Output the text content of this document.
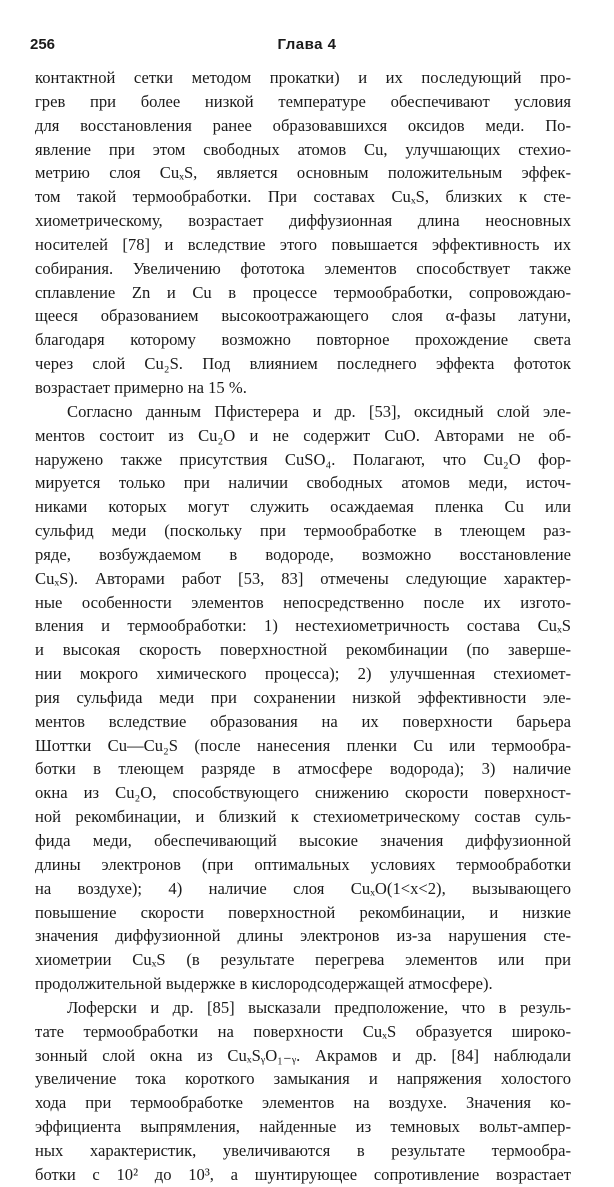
256	Глава 4
контактной сетки методом прокатки) и их последующий про-
грев при более низкой температуре обеспечивают условия
для восстановления ранее образовавшихся оксидов меди. По-
явление при этом свободных атомов Cu, улучшающих стехио-
метрию слоя CuₓS, является основным положительным эффек-
том такой термообработки. При составах CuₓS, близких к сте-
хиометрическому, возрастает диффузионная длина неосновных
носителей [78] и вследствие этого повышается эффективность их
собирания. Увеличению фототока элементов способствует также
сплавление Zn и Cu в процессе термообработки, сопровождаю-
щееся образованием высокоотражающего слоя α-фазы латуни,
благодаря которому возможно повторное прохождение света
через слой Cu₂S. Под влиянием последнего эффекта фототок
возрастает примерно на 15 %.
Согласно данным Пфистерера и др. [53], оксидный слой эле-
ментов состоит из Cu₂O и не содержит CuO. Авторами не об-
наружено также присутствия CuSO₄. Полагают, что Cu₂O фор-
мируется только при наличии свободных атомов меди, источ-
никами которых могут служить осаждаемая пленка Cu или
сульфид меди (поскольку при термообработке в тлеющем раз-
ряде, возбуждаемом в водороде, возможно восстановление
CuₓS). Авторами работ [53, 83] отмечены следующие характер-
ные особенности элементов непосредственно после их изгото-
вления и термообработки: 1) нестехиометричность состава CuₓS
и высокая скорость поверхностной рекомбинации (по заверше-
нии мокрого химического процесса); 2) улучшенная стехиомет-
рия сульфида меди при сохранении низкой эффективности эле-
ментов вследствие образования на их поверхности барьера
Шоттки Cu—Cu₂S (после нанесения пленки Cu или термообра-
ботки в тлеющем разряде в атмосфере водорода); 3) наличие
окна из Cu₂O, способствующего снижению скорости поверхност-
ной рекомбинации, и близкий к стехиометрическому состав суль-
фида меди, обеспечивающий высокие значения диффузионной
длины электронов (при оптимальных условиях термообработки
на воздухе); 4) наличие слоя CuₓO(1<x<2), вызывающего
повышение скорости поверхностной рекомбинации, и низкие
значения диффузионной длины электронов из-за нарушения сте-
хиометрии CuₓS (в результате перегрева элементов или при
продолжительной выдержке в кислородсодержащей атмосфере).
Лоферски и др. [85] высказали предположение, что в резуль-
тате термообработки на поверхности CuₓS образуется широко-
зонный слой окна из CuₓSᵧO₁₋ᵧ. Акрамов и др. [84] наблюдали
увеличение тока короткого замыкания и напряжения холостого
хода при термообработке элементов на воздухе. Значения ко-
эффициента выпрямления, найденные из темновых вольт-ампер-
ных характеристик, увеличиваются в результате термообра-
ботки с 10² до 10³, а шунтирующее сопротивление возрастает
